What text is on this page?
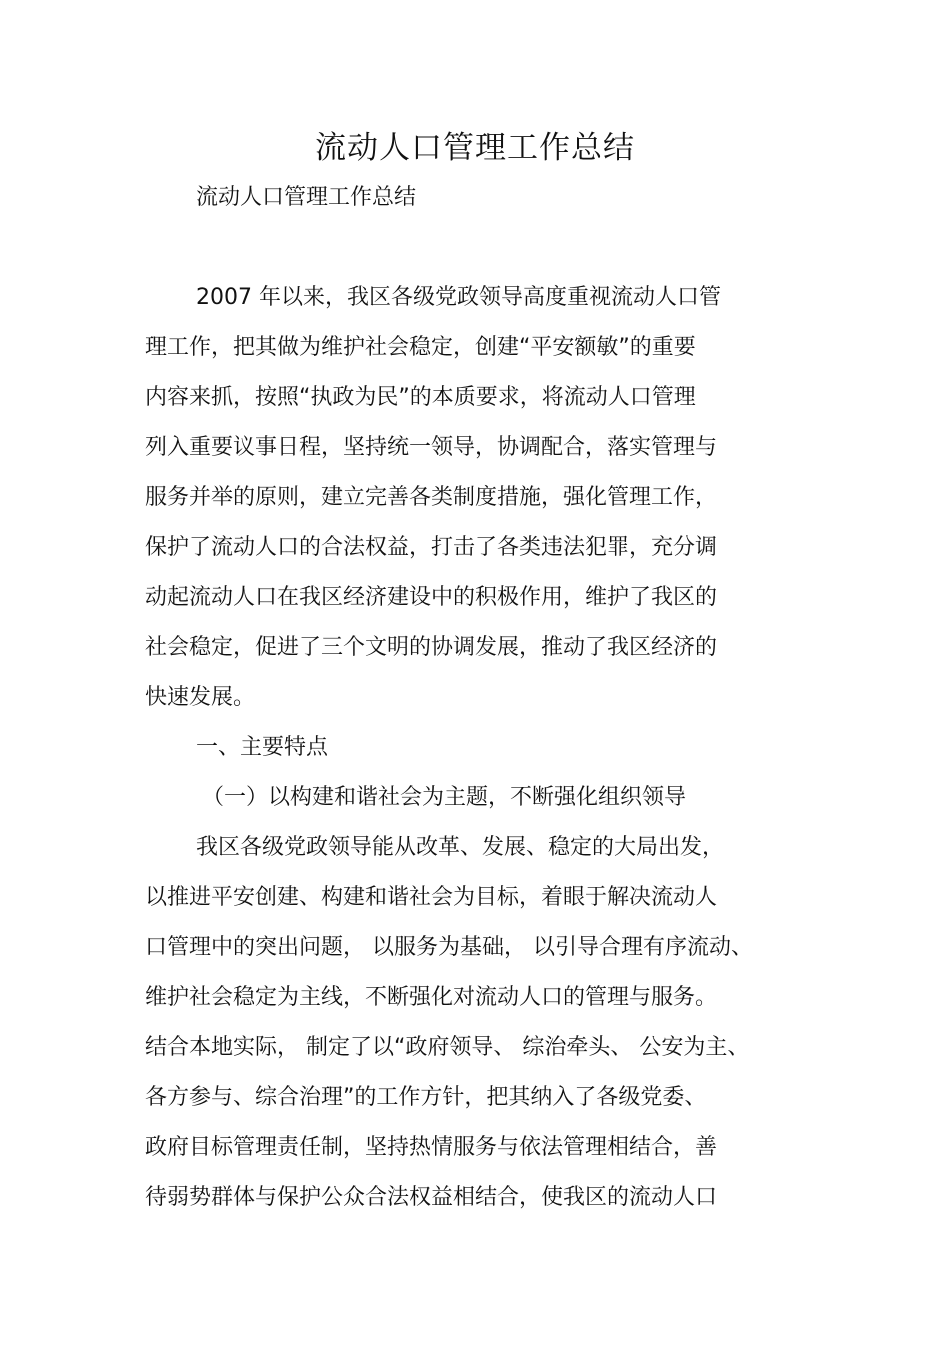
流动人口管理工作总结
流动人口管理工作总结
2007 年以来，我区各级党政领导高度重视流动人口管
理工作，把其做为维护社会稳定，创建“平安额敏”的重要
内容来抓，按照“执政为民”的本质要求，将流动人口管理
列入重要议事日程，坚持统一领导，协调配合，落实管理与
服务并举的原则，建立完善各类制度措施，强化管理工作，
保护了流动人口的合法权益，打击了各类违法犯罪，充分调
动起流动人口在我区经济建设中的积极作用，维护了我区的
社会稳定，促进了三个文明的协调发展，推动了我区经济的
快速发展。
一、主要特点
（一）以构建和谐社会为主题，不断强化组织领导
我区各级党政领导能从改革、发展、稳定的大局出发，
以推进平安创建、构建和谐社会为目标，着眼于解决流动人
口管理中的突出问题， 以服务为基础， 以引导合理有序流动、
维护社会稳定为主线，不断强化对流动人口的管理与服务。
结合本地实际， 制定了以“政府领导、 综治牵头、 公安为主、
各方参与、综合治理”的工作方针，把其纳入了各级党委、
政府目标管理责任制，坚持热情服务与依法管理相结合，善
待弱势群体与保护公众合法权益相结合，使我区的流动人口
